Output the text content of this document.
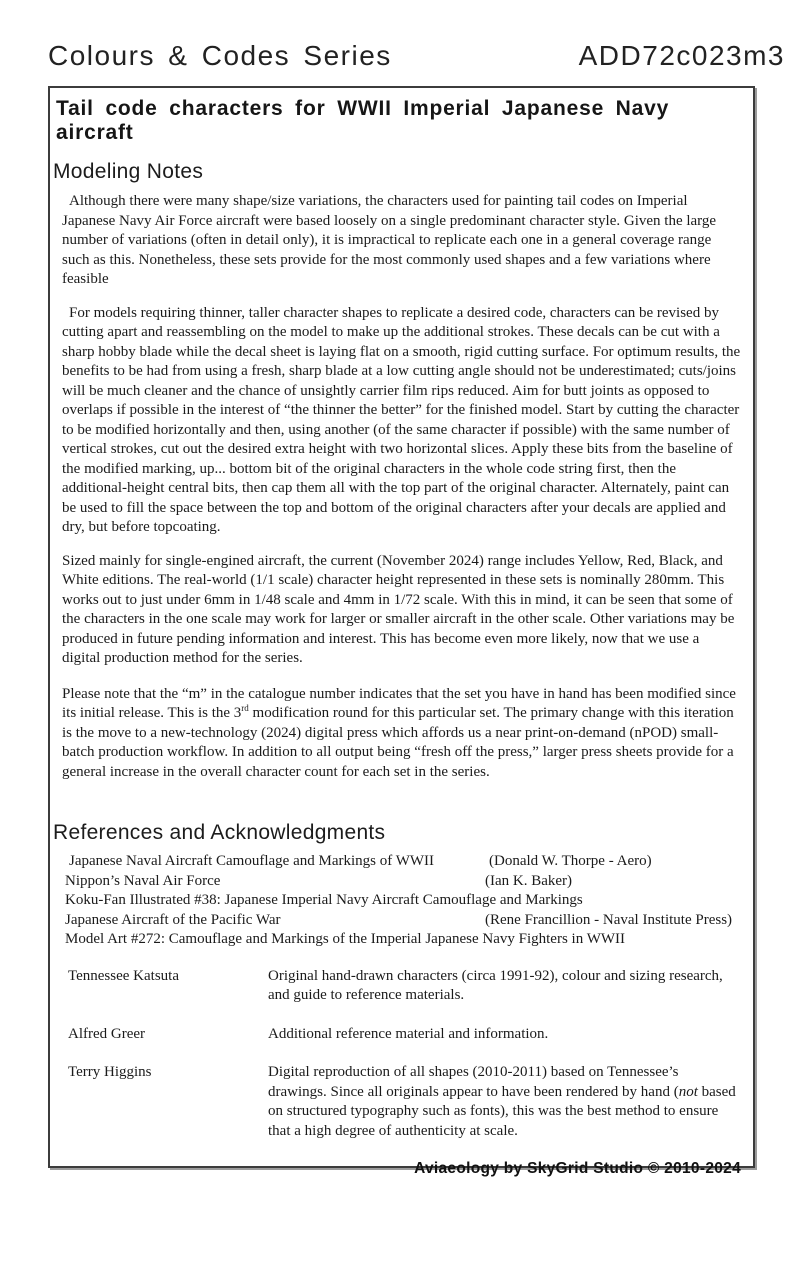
Colours & Codes Series	ADD72c023m3
Tail code characters for WWII Imperial Japanese Navy aircraft
Modeling Notes

Although there were many shape/size variations, the characters used for painting tail codes on Imperial Japanese Navy Air Force aircraft were based loosely on a single predominant character style. Given the large number of variations (often in detail only), it is impractical to replicate each one in a general coverage range such as this. Nonetheless, these sets provide for the most commonly used shapes and a few variations where feasible

For models requiring thinner, taller character shapes to replicate a desired code, characters can be revised by cutting apart and reassembling on the model to make up the additional strokes. These decals can be cut with a sharp hobby blade while the decal sheet is laying flat on a smooth, rigid cutting surface. For optimum results, the benefits to be had from using a fresh, sharp blade at a low cutting angle should not be underestimated; cuts/joins will be much cleaner and the chance of unsightly carrier film rips reduced. Aim for butt joints as opposed to overlaps if possible in the interest of “the thinner the better” for the finished model. Start by cutting the character to be modified horizontally and then, using another (of the same character if possible) with the same number of vertical strokes, cut out the desired extra height with two horizontal slices. Apply these bits from the baseline of the modified marking, up... bottom bit of the original characters in the whole code string first, then the additional-height central bits, then cap them all with the top part of the original character. Alternately, paint can be used to fill the space between the top and bottom of the original characters after your decals are applied and dry, but before topcoating.

Sized mainly for single-engined aircraft, the current (November 2024) range includes Yellow, Red, Black, and White editions. The real-world (1/1 scale) character height represented in these sets is nominally 280mm. This works out to just under 6mm in 1/48 scale and 4mm in 1/72 scale. With this in mind, it can be seen that some of the characters in the one scale may work for larger or smaller aircraft in the other scale. Other variations may be produced in future pending information and interest. This has become even more likely, now that we use a digital production method for the series.

Please note that the “m” in the catalogue number indicates that the set you have in hand has been modified since its initial release. This is the 3rd modification round for this particular set. The primary change with this iteration is the move to a new-technology (2024) digital press which affords us a near print-on-demand (nPOD) small-batch production workflow. In addition to all output being “fresh off the press,” larger press sheets provide for a general increase in the overall character count for each set in the series.

References and Acknowledgments
Japanese Naval Aircraft Camouflage and Markings of WWII	(Donald W. Thorpe - Aero)
Nippon’s Naval Air Force	(Ian K. Baker)
Koku-Fan Illustrated #38: Japanese Imperial Navy Aircraft Camouflage and Markings
Japanese Aircraft of the Pacific War	(Rene Francillion - Naval Institute Press)
Model Art #272: Camouflage and Markings of the Imperial Japanese Navy Fighters in WWII
Tennessee Katsuta	Original hand-drawn characters (circa 1991-92), colour and sizing research, and guide to reference materials.
Alfred Greer	Additional reference material and information.
Terry Higgins	Digital reproduction of all shapes (2010-2011) based on Tennessee’s drawings. Since all originals appear to have been rendered by hand (not based on structured typography such as fonts), this was the best method to ensure that a high degree of authenticity at scale.
Aviaeology by SkyGrid Studio © 2010-2024
